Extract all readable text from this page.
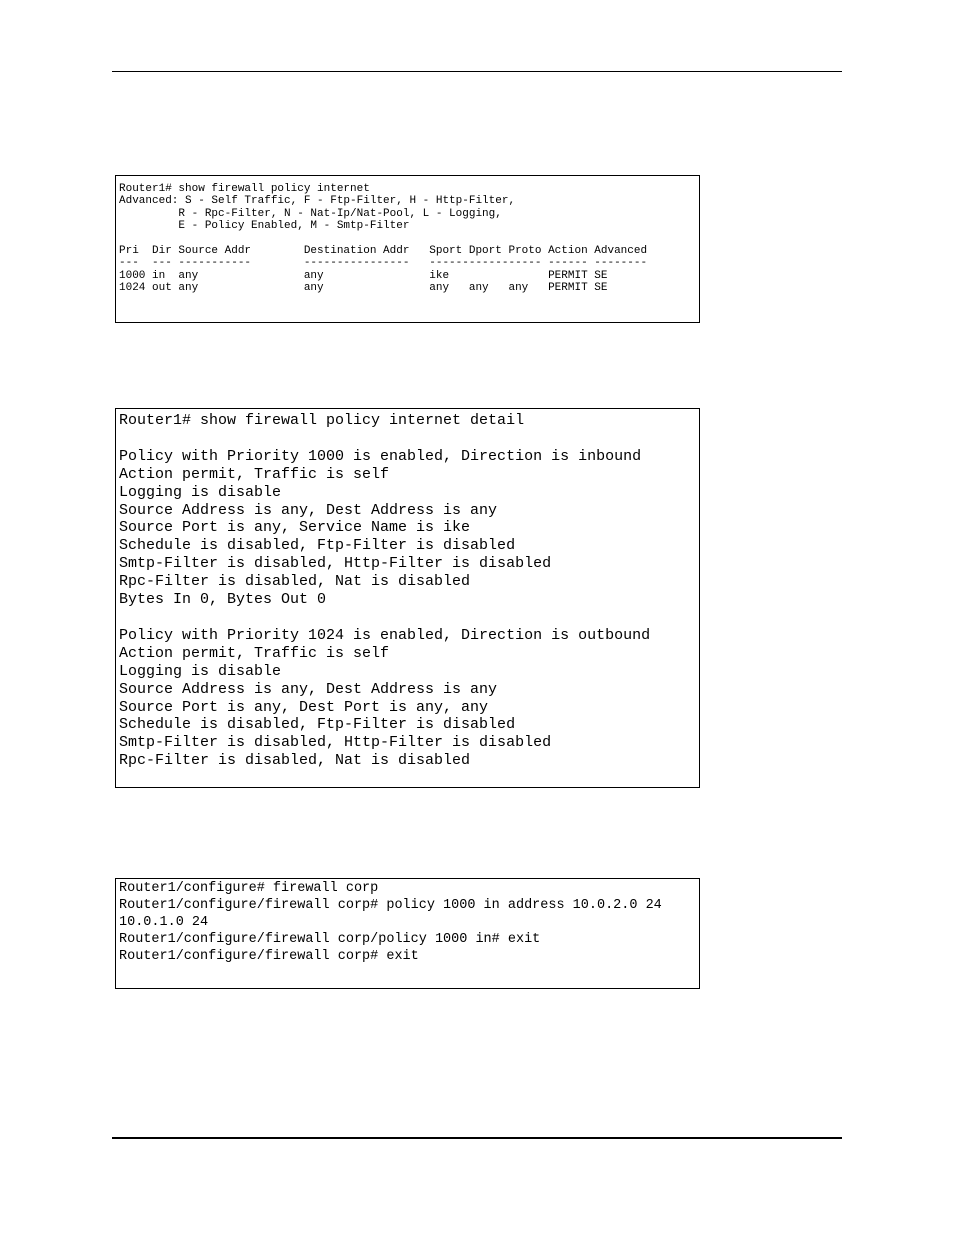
Router1# show firewall policy internet
Advanced: S - Self Traffic, F - Ftp-Filter, H - Http-Filter,
R - Rpc-Filter, N - Nat-Ip/Nat-Pool, L - Logging,
E - Policy Enabled, M - Smtp-Filter

Pri  Dir Source Addr        Destination Addr   Sport Dport Proto Action Advanced
---  --- -----------        ----------------   ----------------- ------ --------
1000 in  any                any                ike               PERMIT SE
1024 out any                any                any   any   any   PERMIT SE
Router1# show firewall policy internet detail

Policy with Priority 1000 is enabled, Direction is inbound
Action permit, Traffic is self
Logging is disable
Source Address is any, Dest Address is any
Source Port is any, Service Name is ike
Schedule is disabled, Ftp-Filter is disabled
Smtp-Filter is disabled, Http-Filter is disabled
Rpc-Filter is disabled, Nat is disabled
Bytes In 0, Bytes Out 0

Policy with Priority 1024 is enabled, Direction is outbound
Action permit, Traffic is self
Logging is disable
Source Address is any, Dest Address is any
Source Port is any, Dest Port is any, any
Schedule is disabled, Ftp-Filter is disabled
Smtp-Filter is disabled, Http-Filter is disabled
Rpc-Filter is disabled, Nat is disabled
Router1/configure# firewall corp
Router1/configure/firewall corp# policy 1000 in address 10.0.2.0 24
10.0.1.0 24
Router1/configure/firewall corp/policy 1000 in# exit
Router1/configure/firewall corp# exit
